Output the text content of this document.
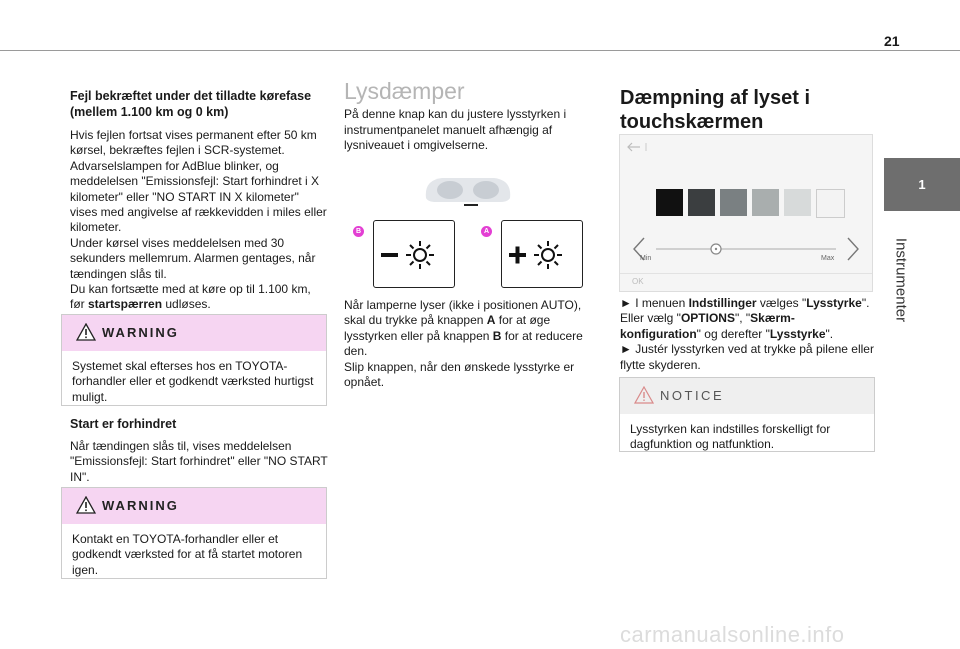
21
1
Instrumenter
Fejl bekræftet under det tilladte kørefase (mellem 1.100 km og 0 km)

Hvis fejlen fortsat vises permanent efter 50 km kørsel, bekræftes fejlen i SCR-systemet.

Advarselslampen for AdBlue blinker, og meddelelsen "Emissionsfejl: Start forhindret i X kilometer" eller "NO START IN X kilometer" vises med angivelse af rækkevidden i miles eller kilometer.

Under kørsel vises meddelelsen med 30 sekunders mellemrum. Alarmen gentages, når tændingen slås til.

Du kan fortsætte med at køre op til 1.100 km, før startspærren udløses.

WARNING
Systemet skal efterses hos en TOYOTA-forhandler eller et godkendt værksted hurtigst muligt.
Start er forhindret

Når tændingen slås til, vises meddelelsen "Emissionsfejl: Start forhindret" eller "NO START IN".

WARNING
Kontakt en TOYOTA-forhandler eller et godkendt værksted for at få startet motoren igen.
Lysdæmper

På denne knap kan du justere lysstyrken i instrumentpanelet manuelt afhængig af lysniveauet i omgivelserne.

B	A

Når lamperne lyser (ikke i positionen AUTO), skal du trykke på knappen A for at øge lysstyrken eller på knappen B for at reducere den.

Slip knappen, når den ønskede lysstyrke er opnået.

Dæmpning af lyset i touchskærmen
Min	Max
OK

► I menuen Indstillinger vælges "Lysstyrke".
Eller vælg "OPTIONS", "Skærm-konfiguration" og derefter "Lysstyrke".

► Justér lysstyrken ved at trykke på pilene eller flytte skyderen.

NOTICE
Lysstyrken kan indstilles forskelligt for dagfunktion og natfunktion.
carmanualsonline.info
